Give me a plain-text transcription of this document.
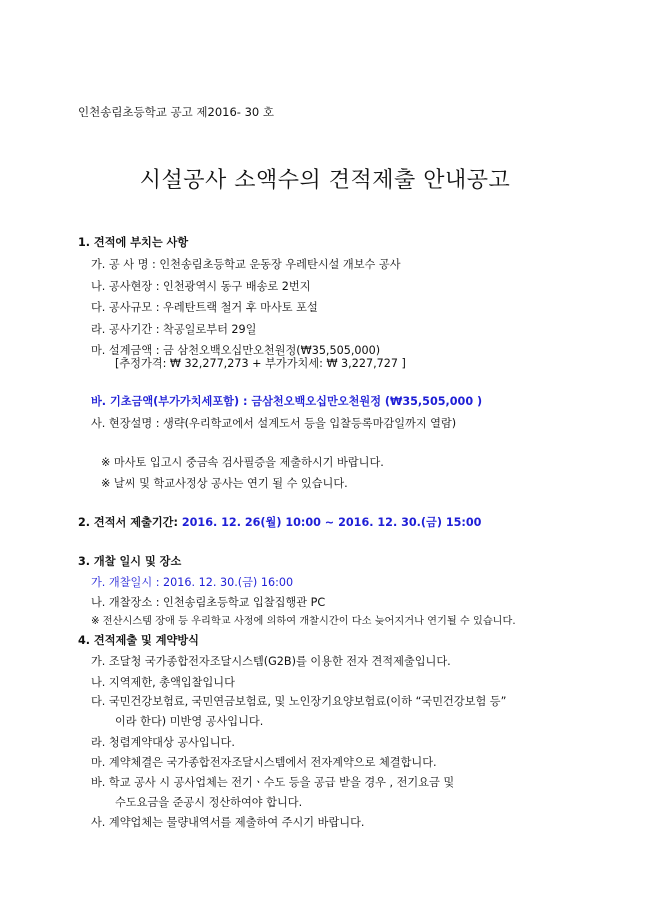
인천송림초등학교 공고 제2016- 30 호
시설공사 소액수의 견적제출 안내공고
1. 견적에 부치는 사항
가. 공 사 명 : 인천송림초등학교 운동장 우레탄시설 개보수 공사
나. 공사현장 : 인천광역시 동구 배송로 2번지
다. 공사규모 : 우레탄트랙 철거 후 마사토 포설
라. 공사기간 : 착공일로부터 29일
마. 설계금액 : 금 삼천오백오십만오천원정(₩35,505,000)
[추정가격: ₩ 32,277,273 + 부가가치세: ₩ 3,227,727 ]
바. 기초금액(부가가치세포함) : 금삼천오백오십만오천원정 (₩35,505,000 )
사. 현장설명 : 생략(우리학교에서 설계도서 등을 입찰등록마감일까지 열람)
※ 마사토 입고시 중금속 검사필증을 제출하시기 바랍니다.
※ 날씨 및 학교사정상 공사는 연기 될 수 있습니다.
2. 견적서 제출기간: 2016. 12. 26(월) 10:00 ∼ 2016. 12. 30.(금) 15:00
3. 개찰 일시 및 장소
가. 개찰일시 : 2016. 12. 30.(금) 16:00
나. 개찰장소 : 인천송림초등학교 입찰집행관 PC
※ 전산시스템 장애 등 우리학교 사정에 의하여 개찰시간이 다소 늦어지거나 연기될 수 있습니다.
4. 견적제출 및 계약방식
가. 조달청 국가종합전자조달시스템(G2B)를 이용한 전자 견적제출입니다.
나. 지역제한, 총액입찰입니다
다. 국민건강보험료, 국민연금보험료, 및 노인장기요양보험료(이하 “국민건강보험 등”
이라 한다) 미반영 공사입니다.
라. 청렴계약대상 공사입니다.
마. 계약체결은 국가종합전자조달시스템에서 전자계약으로 체결합니다.
바. 학교 공사 시 공사업체는 전기ㆍ수도 등을 공급 받을 경우 , 전기요금 및
수도요금을 준공시 정산하여야 합니다.
사. 계약업체는 물량내역서를 제출하여 주시기 바랍니다.
